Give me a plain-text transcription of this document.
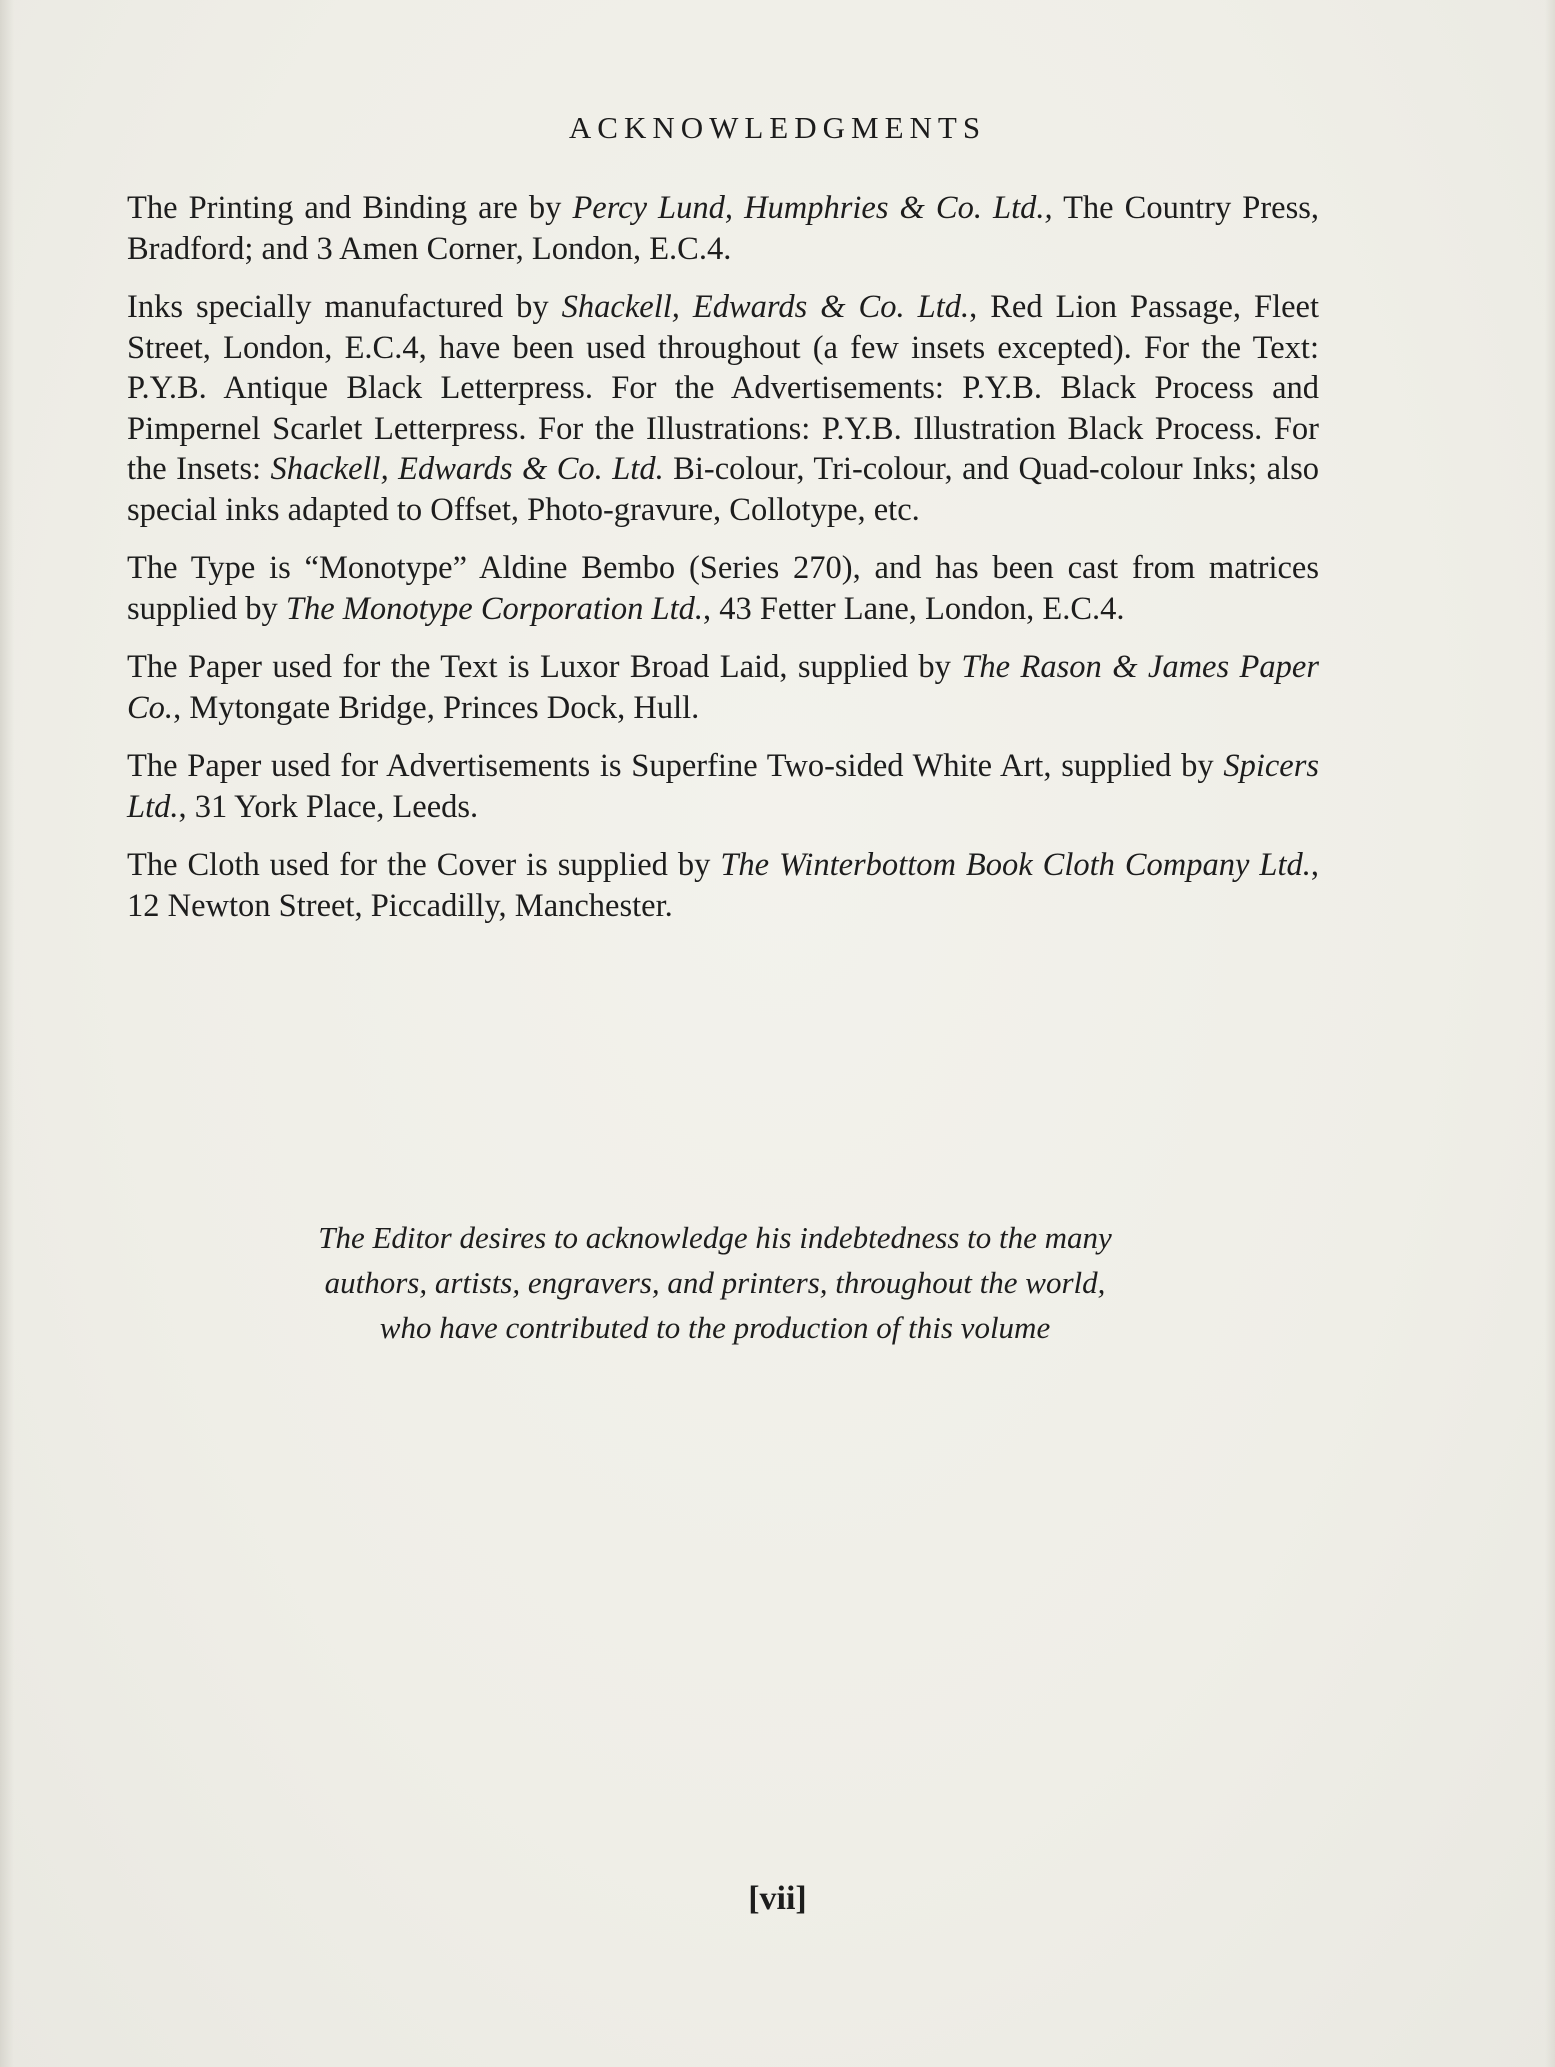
ACKNOWLEDGMENTS

The Printing and Binding are by Percy Lund, Humphries & Co. Ltd., The Country Press, Bradford; and 3 Amen Corner, London, E.C.4.

Inks specially manufactured by Shackell, Edwards & Co. Ltd., Red Lion Passage, Fleet Street, London, E.C.4, have been used throughout (a few insets excepted). For the Text: P.Y.B. Antique Black Letterpress. For the Advertisements: P.Y.B. Black Process and Pimpernel Scarlet Letterpress. For the Illustrations: P.Y.B. Illustration Black Process. For the Insets: Shackell, Edwards & Co. Ltd. Bi-colour, Tri-colour, and Quad-colour Inks; also special inks adapted to Offset, Photo-gravure, Collotype, etc.

The Type is “Monotype” Aldine Bembo (Series 270), and has been cast from matrices supplied by The Monotype Corporation Ltd., 43 Fetter Lane, London, E.C.4.

The Paper used for the Text is Luxor Broad Laid, supplied by The Rason & James Paper Co., Mytongate Bridge, Princes Dock, Hull.

The Paper used for Advertisements is Superfine Two-sided White Art, supplied by Spicers Ltd., 31 York Place, Leeds.

The Cloth used for the Cover is supplied by The Winterbottom Book Cloth Company Ltd., 12 Newton Street, Piccadilly, Manchester.

The Editor desires to acknowledge his indebtedness to the many authors, artists, engravers, and printers, throughout the world, who have contributed to the production of this volume
[vii]
